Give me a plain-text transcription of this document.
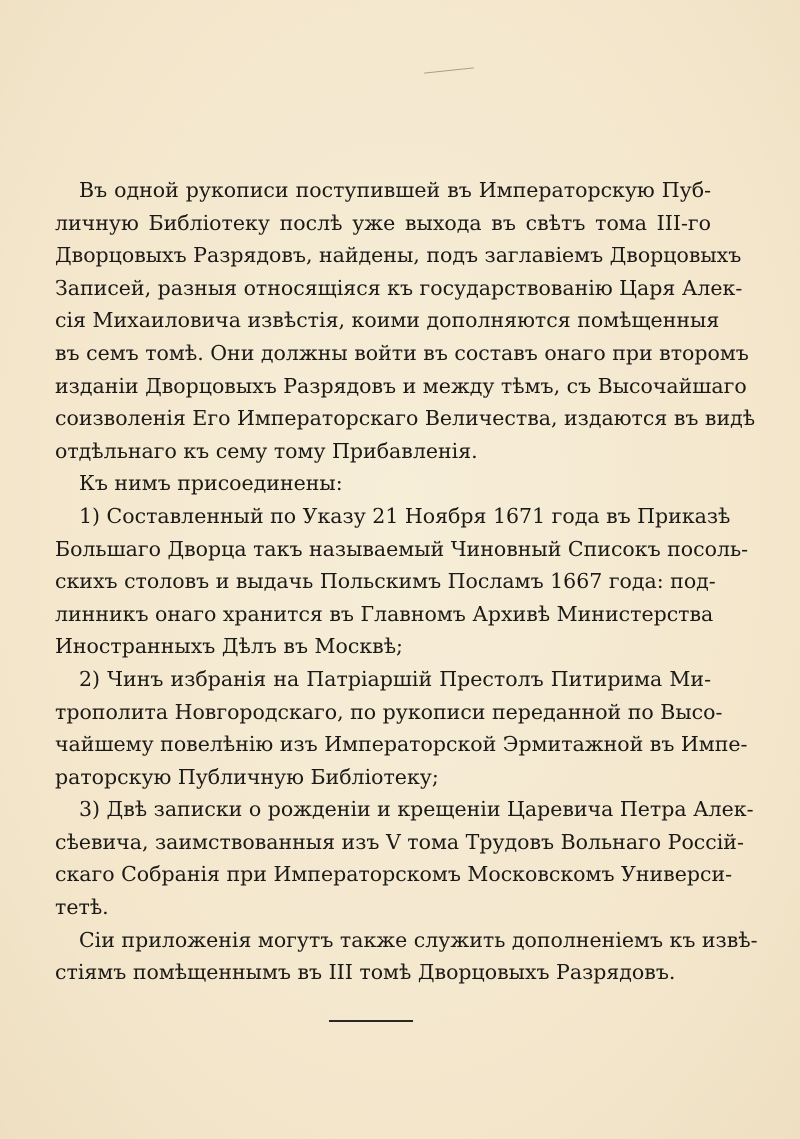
Въ одной рукописи поступившей въ Императорскую Пуб-
личную Библіотеку послѣ уже выхода въ свѣтъ тома III-го
Дворцовыхъ Разрядовъ, найдены, подъ заглавіемъ Дворцовыхъ
Записей, разныя относящіяся къ государствованію Царя Алек-
сія Михаиловича извѣстія, коими дополняются помѣщенныя
въ семъ томѣ. Они должны войти въ составъ онаго при второмъ
изданіи Дворцовыхъ Разрядовъ и между тѣмъ, съ Высочайшаго
соизволенія Его Императорскаго Величества, издаются въ видѣ
отдѣльнаго къ сему тому Прибавленія.
Къ нимъ присоединены:
1) Составленный по Указу 21 Ноября 1671 года въ Приказѣ
Большаго Дворца такъ называемый Чиновный Списокъ посоль-
скихъ столовъ и выдачь Польскимъ Посламъ 1667 года: под-
линникъ онаго хранится въ Главномъ Архивѣ Министерства
Иностранныхъ Дѣлъ въ Москвѣ;
2) Чинъ избранія на Патріаршій Престолъ Питирима Ми-
трополита Новгородскаго, по рукописи переданной по Высо-
чайшему повелѣнію изъ Императорской Эрмитажной въ Импе-
раторскую Публичную Библіотеку;
3) Двѣ записки о рожденіи и крещеніи Царевича Петра Алек-
сѣевича, заимствованныя изъ V тома Трудовъ Вольнаго Россій-
скаго Собранія при Императорскомъ Московскомъ Универси-
тетѣ.
Сіи приложенія могутъ также служить дополненіемъ къ извѣ-
стіямъ помѣщеннымъ въ III томѣ Дворцовыхъ Разрядовъ.
